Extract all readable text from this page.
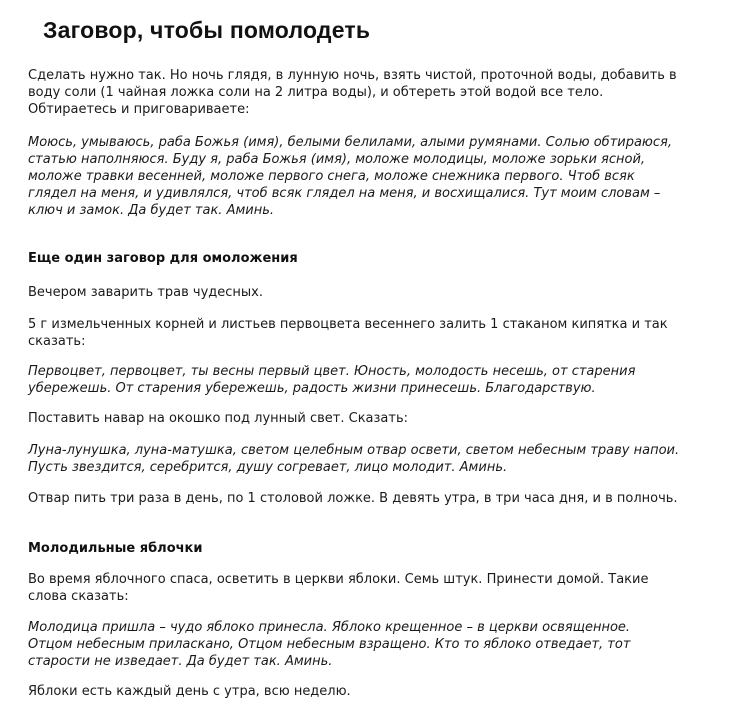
Заговор, чтобы помолодеть

Сделать нужно так. Но ночь глядя, в лунную ночь, взять чистой, проточной воды, добавить в
воду соли (1 чайная ложка соли на 2 литра воды), и обтереть этой водой все тело.
Обтираетесь и приговариваете:

Моюсь, умываюсь, раба Божья (имя), белыми белилами, алыми румянами. Солью обтираюся,
статью наполняюся. Буду я, раба Божья (имя), моложе молодицы, моложе зорьки ясной,
моложе травки весенней, моложе первого снега, моложе снежника первого. Чтоб всяк
глядел на меня, и удивлялся, чтоб всяк глядел на меня, и восхищалися. Тут моим словам –
ключ и замок. Да будет так. Аминь.

Еще один заговор для омоложения

Вечером заварить трав чудесных.

5 г измельченных корней и листьев первоцвета весеннего залить 1 стаканом кипятка и так
сказать:

Первоцвет, первоцвет, ты весны первый цвет. Юность, молодость несешь, от старения
убережешь. От старения убережешь, радость жизни принесешь. Благодарствую.

Поставить навар на окошко под лунный свет. Сказать:

Луна-лунушка, луна-матушка, светом целебным отвар освети, светом небесным траву напои.
Пусть звездится, серебрится, душу согревает, лицо молодит. Аминь.

Отвар пить три раза в день, по 1 столовой ложке. В девять утра, в три часа дня, и в полночь.

Молодильные яблочки

Во время яблочного спаса, осветить в церкви яблоки. Семь штук. Принести домой. Такие
слова сказать:

Молодица пришла – чудо яблоко принесла. Яблоко крещенное – в церкви освященное.
Отцом небесным приласкано, Отцом небесным взращено. Кто то яблоко отведает, тот
старости не изведает. Да будет так. Аминь.

Яблоки есть каждый день с утра, всю неделю.
